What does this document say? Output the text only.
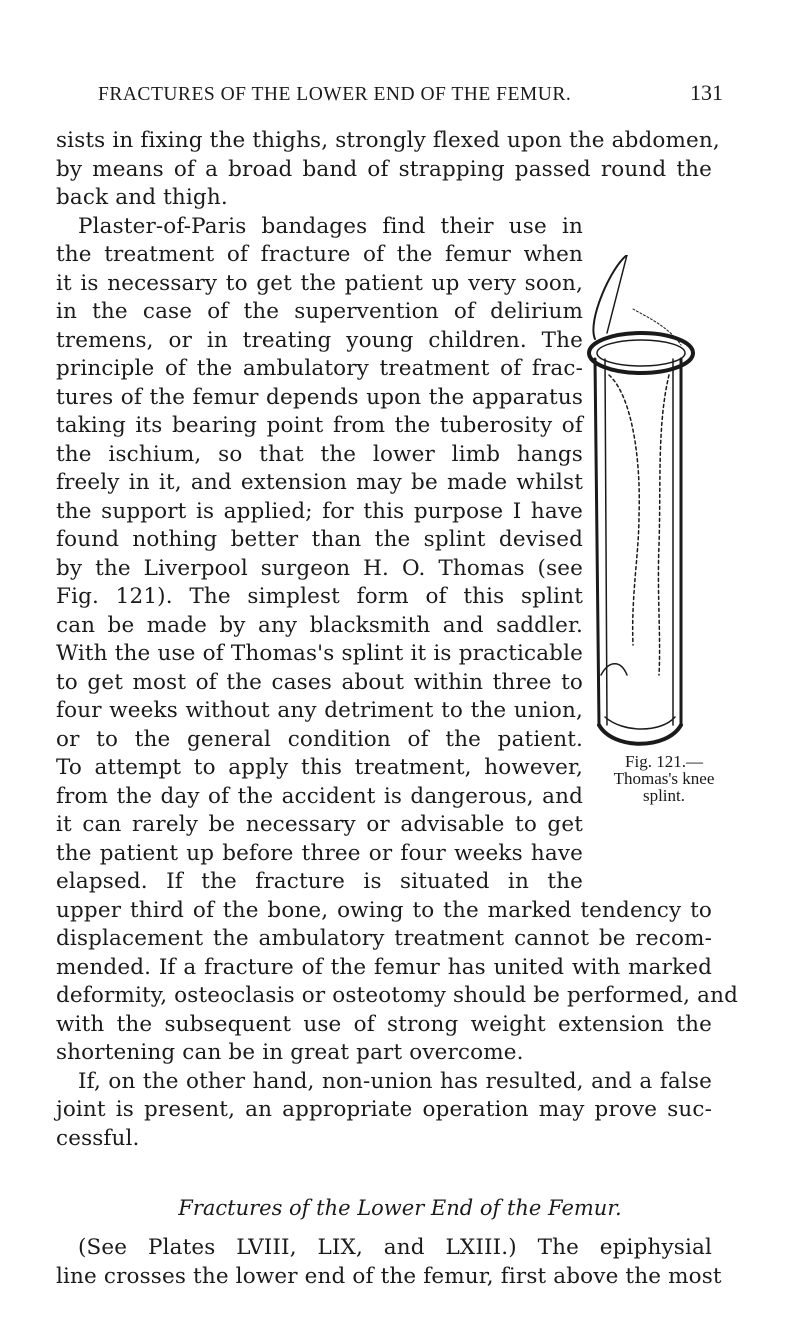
FRACTURES OF THE LOWER END OF THE FEMUR.	131
sists in fixing the thighs, strongly flexed upon the abdomen,
by means of a broad band of strapping passed round the
back and thigh.
Plaster-of-Paris bandages find their use in
the treatment of fracture of the femur when
it is necessary to get the patient up very soon,
in the case of the supervention of delirium
tremens, or in treating young children. The
principle of the ambulatory treatment of frac-
tures of the femur depends upon the apparatus
taking its bearing point from the tuberosity of
the ischium, so that the lower limb hangs
freely in it, and extension may be made whilst
the support is applied; for this purpose I have
found nothing better than the splint devised
by the Liverpool surgeon H. O. Thomas (see
Fig. 121). The simplest form of this splint
can be made by any blacksmith and saddler.
With the use of Thomas's splint it is practicable
to get most of the cases about within three to
four weeks without any detriment to the union,
or to the general condition of the patient.
To attempt to apply this treatment, however,
from the day of the accident is dangerous, and
it can rarely be necessary or advisable to get
the patient up before three or four weeks have
elapsed. If the fracture is situated in the
upper third of the bone, owing to the marked tendency to
displacement the ambulatory treatment cannot be recom-
mended. If a fracture of the femur has united with marked
deformity, osteoclasis or osteotomy should be performed, and
with the subsequent use of strong weight extension the
shortening can be in great part overcome.
If, on the other hand, non-union has resulted, and a false
joint is present, an appropriate operation may prove suc-
cessful.
Fig. 121.—
Thomas's knee
splint.
Fractures of the Lower End of the Femur.
(See Plates LVIII, LIX, and LXIII.) The epiphysial
line crosses the lower end of the femur, first above the most
